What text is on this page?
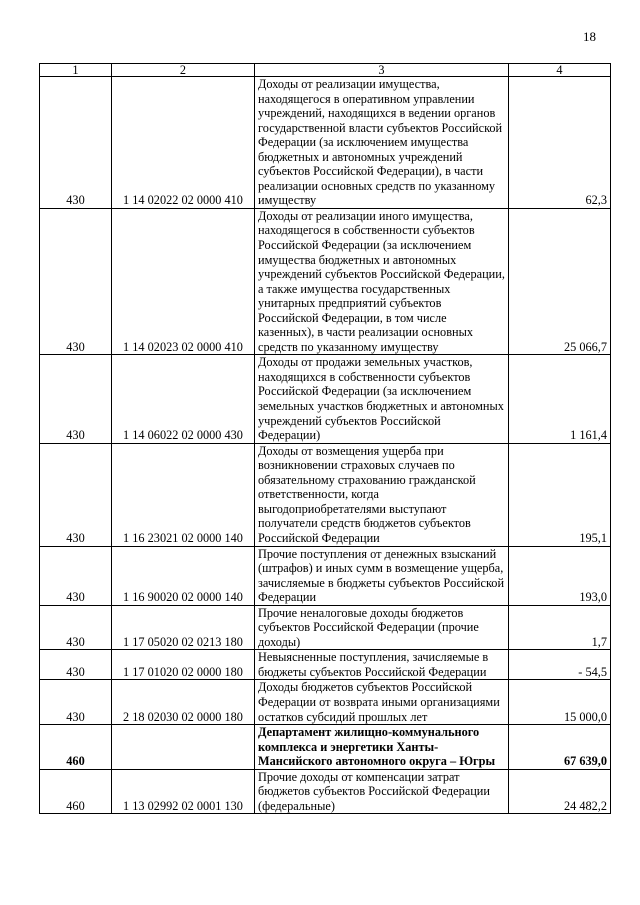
18
1	2	3	4
430	1 14 02022 02 0000 410	Доходы от реализации имущества, находящегося в оперативном управлении учреждений, находящихся в ведении органов государственной власти субъектов Российской Федерации (за исключением имущества бюджетных и автономных учреждений субъектов Российской Федерации), в части реализации основных средств по указанному имуществу	62,3
430	1 14 02023 02 0000 410	Доходы от реализации иного имущества, находящегося в собственности субъектов Российской Федерации (за исключением имущества бюджетных и автономных учреждений субъектов Российской Федерации, а также имущества государственных унитарных предприятий субъектов Российской Федерации, в том числе казенных), в части реализации основных средств по указанному имуществу	25 066,7
430	1 14 06022 02 0000 430	Доходы от продажи земельных участков, находящихся в собственности субъектов Российской Федерации (за исключением земельных участков бюджетных и автономных учреждений субъектов Российской Федерации)	1 161,4
430	1 16 23021 02 0000 140	Доходы от возмещения ущерба при возникновении страховых случаев по обязательному страхованию гражданской ответственности, когда выгодоприобретателями выступают получатели средств бюджетов субъектов Российской Федерации	195,1
430	1 16 90020 02 0000 140	Прочие поступления от денежных взысканий (штрафов) и иных сумм в возмещение ущерба, зачисляемые в бюджеты субъектов Российской Федерации	193,0
430	1 17 05020 02 0213 180	Прочие неналоговые доходы бюджетов субъектов Российской Федерации (прочие доходы)	1,7
430	1 17 01020 02 0000 180	Невыясненные поступления, зачисляемые в бюджеты субъектов Российской Федерации	- 54,5
430	2 18 02030 02 0000 180	Доходы бюджетов субъектов Российской Федерации от возврата иными организациями остатков субсидий прошлых лет	15 000,0
460		Департамент жилищно-коммунального комплекса и энергетики Ханты-Мансийского автономного округа – Югры	67 639,0
460	1 13 02992 02 0001 130	Прочие доходы от компенсации затрат бюджетов субъектов Российской Федерации (федеральные)	24 482,2
